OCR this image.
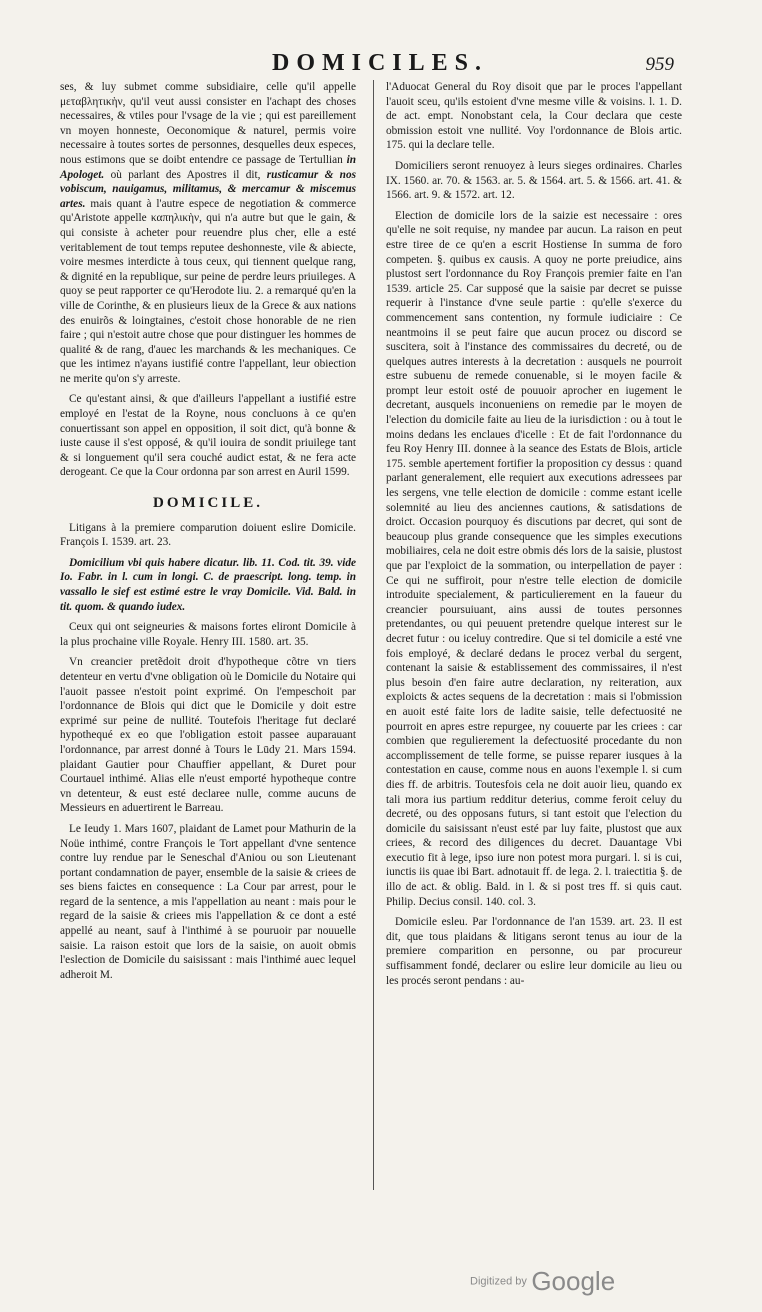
DOMICILES.	959

ses, & luy submet comme subsidiaire, celle qu'il appelle μεταβλητικὴν, qu'il veut aussi consister en l'achapt des choses necessaires, & vtiles pour l'vsage de la vie ; qui est pareillement vn moyen honneste, Oeconomique & naturel, permis voire necessaire à toutes sortes de personnes, desquelles deux especes, nous estimons que se doibt entendre ce passage de Tertullian in Apologet. où parlant des Apostres il dit, rusticamur & nos vobiscum, nauigamus, militamus, & mercamur & miscemus artes. mais quant à l'autre espece de negotiation & commerce qu'Aristote appelle καπηλικὴν, qui n'a autre but que le gain, & qui consiste à acheter pour reuendre plus cher, elle a esté veritablement de tout temps reputee deshonneste, vile & abiecte, voire mesmes interdicte à tous ceux, qui tiennent quelque rang, & dignité en la republique, sur peine de perdre leurs priuileges. A quoy se peut rapporter ce qu'Herodote liu. 2. a remarqué qu'en la ville de Corinthe, & en plusieurs lieux de la Grece & aux nations des enuirõs & loingtaines, c'estoit chose honorable de ne rien faire ; qui n'estoit autre chose que pour distinguer les hommes de qualité & de rang, d'auec les marchands & les mechaniques. Ce que les intimez n'ayans iustifié contre l'appellant, leur obiection ne merite qu'on s'y arreste.

Ce qu'estant ainsi, & que d'ailleurs l'appellant a iustifié estre employé en l'estat de la Royne, nous concluons à ce qu'en conuertissant son appel en opposition, il soit dict, qu'à bonne & iuste cause il s'est opposé, & qu'il iouira de sondit priuilege tant & si longuement qu'il sera couché audict estat, & ne fera acte derogeant. Ce que la Cour ordonna par son arrest en Auril 1599.

DOMICILE.

Litigans à la premiere comparution doiuent eslire Domicile. François I. 1539. art. 23.

Domicilium vbi quis habere dicatur. lib. 11. Cod. tit. 39. vide Io. Fabr. in l. cum in longi. C. de praescript. long. temp. in vassallo le sief est estimé estre le vray Domicile. Vid. Bald. in tit. quom. & quando iudex.

Ceux qui ont seigneuries & maisons fortes eliront Domicile à la plus prochaine ville Royale. Henry III. 1580. art. 35.

Vn creancier pretẽdoit droit d'hypotheque cõtre vn tiers detenteur en vertu d'vne obligation où le Domicile du Notaire qui l'auoit passee n'estoit point exprimé. On l'empeschoit par l'ordonnance de Blois qui dict que le Domicile y doit estre exprimé sur peine de nullité. Toutefois l'heritage fut declaré hypothequé ex eo que l'obligation estoit passee auparauant l'ordonnance, par arrest donné à Tours le Lūdy 21. Mars 1594. plaidant Gautier pour Chauffier appellant, & Duret pour Courtauel inthimé. Alias elle n'eust emporté hypotheque contre vn detenteur, & eust esté declaree nulle, comme aucuns de Messieurs en aduertirent le Barreau.

Le Ieudy 1. Mars 1607, plaidant de Lamet pour Mathurin de la Noüe inthimé, contre François le Tort appellant d'vne sentence contre luy rendue par le Seneschal d'Aniou ou son Lieutenant portant condamnation de payer, ensemble de la saisie & criees de ses biens faictes en consequence : La Cour par arrest, pour le regard de la sentence, a mis l'appellation au neant : mais pour le regard de la saisie & criees mis l'appellation & ce dont a esté appellé au neant, sauf à l'inthimé à se pouruoir par nouuelle saisie. La raison estoit que lors de la saisie, on auoit obmis l'eslection de Domicile du saisissant : mais l'inthimé auec lequel adheroit M.

l'Aduocat General du Roy disoit que par le proces l'appellant l'auoit sceu, qu'ils estoient d'vne mesme ville & voisins. l. 1. D. de act. empt. Nonobstant cela, la Cour declara que ceste obmission estoit vne nullité. Voy l'ordonnance de Blois artic. 175. qui la declare telle.

Domiciliers seront renuoyez à leurs sieges ordinaires. Charles IX. 1560. ar. 70. & 1563. ar. 5. & 1564. art. 5. & 1566. art. 41. & 1566. art. 9. & 1572. art. 12.

Election de domicile lors de la saizie est necessaire : ores qu'elle ne soit requise, ny mandee par aucun. La raison en peut estre tiree de ce qu'en a escrit Hostiense In summa de foro competen. §. quibus ex causis. A quoy ne porte preiudice, ains plustost sert l'ordonnance du Roy François premier faite en l'an 1539. article 25. Car supposé que la saisie par decret se puisse requerir à l'instance d'vne seule partie : qu'elle s'exerce du commencement sans contention, ny formule iudiciaire : Ce neantmoins il se peut faire que aucun procez ou discord se suscitera, soit à l'instance des commissaires du decreté, ou de quelques autres interests à la decretation : ausquels ne pourroit estre subuenu de remede conuenable, si le moyen facile & prompt leur estoit osté de pouuoir aprocher en iugement le decretant, ausquels inconueniens on remedie par le moyen de l'election du domicile faite au lieu de la iurisdiction : ou à tout le moins dedans les enclaues d'icelle : Et de fait l'ordonnance du feu Roy Henry III. donnee à la seance des Estats de Blois, article 175. semble apertement fortifier la proposition cy dessus : quand parlant generalement, elle requiert aux executions adressees par les sergens, vne telle election de domicile : comme estant icelle solemnité au lieu des anciennes cautions, & satisdations de droict. Occasion pourquoy és discutions par decret, qui sont de beaucoup plus grande consequence que les simples executions mobiliaires, cela ne doit estre obmis dés lors de la saisie, plustost que par l'exploict de la sommation, ou interpellation de payer : Ce qui ne suffiroit, pour n'estre telle election de domicile introduite specialement, & particulierement en la faueur du creancier poursuiuant, ains aussi de toutes personnes pretendantes, ou qui peuuent pretendre quelque interest sur le decret futur : ou iceluy contredire. Que si tel domicile a esté vne fois employé, & declaré dedans le procez verbal du sergent, contenant la saisie & establissement des commissaires, il n'est plus besoin d'en faire autre declaration, ny reiteration, aux exploicts & actes sequens de la decretation : mais si l'obmission en auoit esté faite lors de ladite saisie, telle defectuosité ne pourroit en apres estre repurgee, ny couuerte par les criees : car combien que regulierement la defectuosité procedante du non accomplissement de telle forme, se puisse reparer iusques à la contestation en cause, comme nous en auons l'exemple l. si cum dies ff. de arbitris. Toutesfois cela ne doit auoir lieu, quando ex tali mora ius partium redditur deterius, comme feroit celuy du decreté, ou des opposans futurs, si tant estoit que l'election du domicile du saisissant n'eust esté par luy faite, plustost que aux criees, & record des diligences du decret. Dauantage Vbi executio fit à lege, ipso iure non potest mora purgari. l. si is cui, iunctis iis quae ibi Bart. adnotauit ff. de lega. 2. l. traiectitia §. de illo de act. & oblig. Bald. in l. & si post tres ff. si quis caut. Philip. Decius consil. 140. col. 3.

Domicile esleu. Par l'ordonnance de l'an 1539. art. 23. Il est dit, que tous plaidans & litigans seront tenus au iour de la premiere comparition en personne, ou par procureur suffisamment fondé, declarer ou eslire leur domicile au lieu ou les procés seront pendans : au-

Digitized by Google
